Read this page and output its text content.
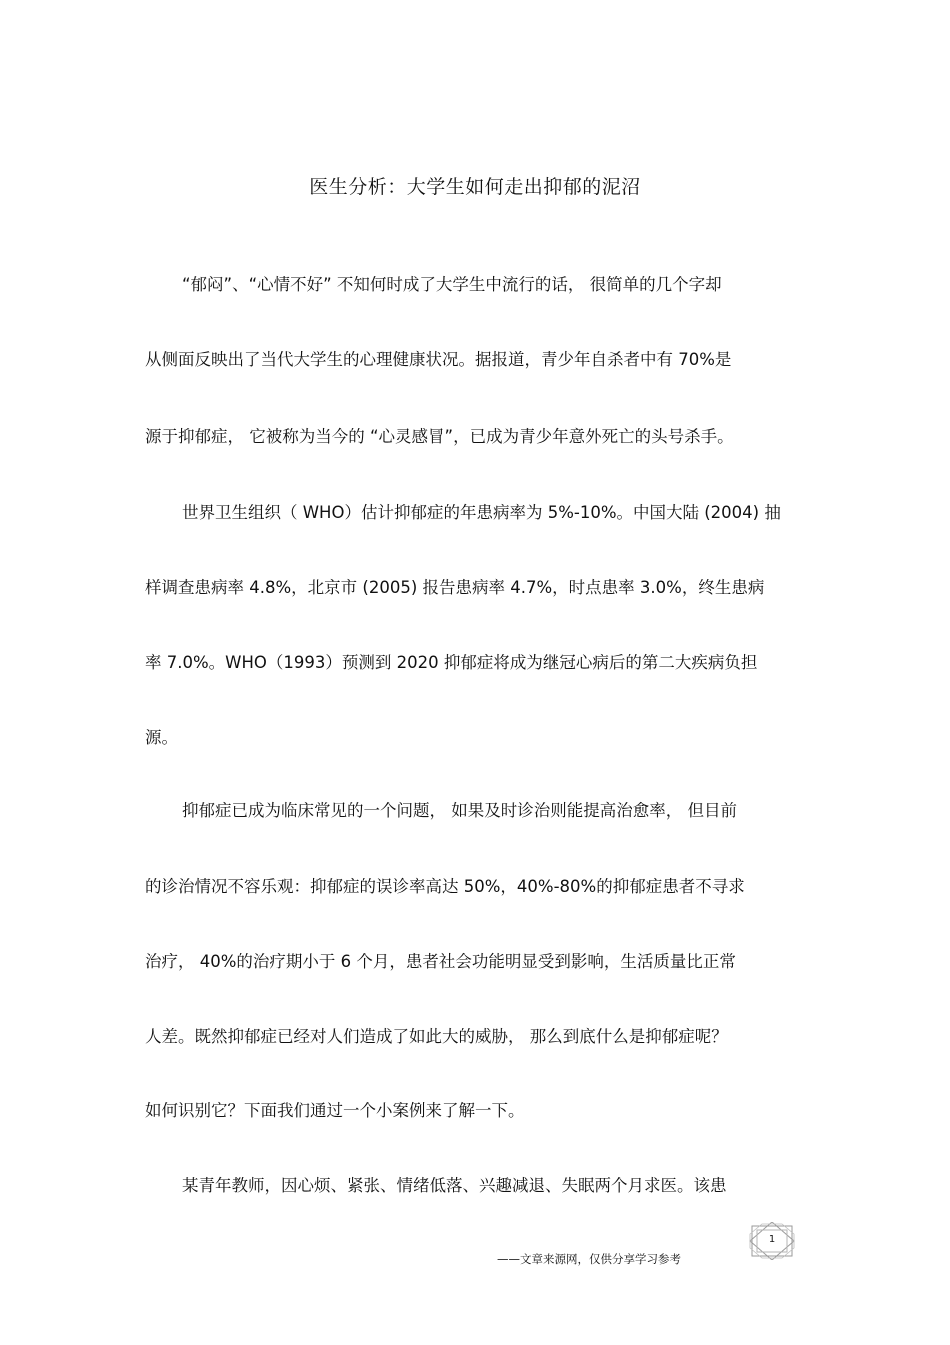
医生分析：大学生如何走出抑郁的泥沼
“郁闷”、“心情不好” 不知何时成了大学生中流行的话， 很简单的几个字却
从侧面反映出了当代大学生的心理健康状况。据报道，青少年自杀者中有 70%是
源于抑郁症， 它被称为当今的 “心灵感冒”，已成为青少年意外死亡的头号杀手。
世界卫生组织（ WHO）估计抑郁症的年患病率为 5%-10%。中国大陆 (2004) 抽
样调查患病率 4.8%，北京市 (2005) 报告患病率 4.7%，时点患率 3.0%，终生患病
率 7.0%。WHO（1993）预测到 2020 抑郁症将成为继冠心病后的第二大疾病负担
源。
抑郁症已成为临床常见的一个问题， 如果及时诊治则能提高治愈率， 但目前
的诊治情况不容乐观：抑郁症的误诊率高达 50%，40%-80%的抑郁症患者不寻求
治疗， 40%的治疗期小于 6 个月，患者社会功能明显受到影响，生活质量比正常
人差。既然抑郁症已经对人们造成了如此大的威胁， 那么到底什么是抑郁症呢？
如何识别它？下面我们通过一个小案例来了解一下。
某青年教师，因心烦、紧张、情绪低落、兴趣减退、失眠两个月求医。该患
——文章来源网，仅供分享学习参考
1
